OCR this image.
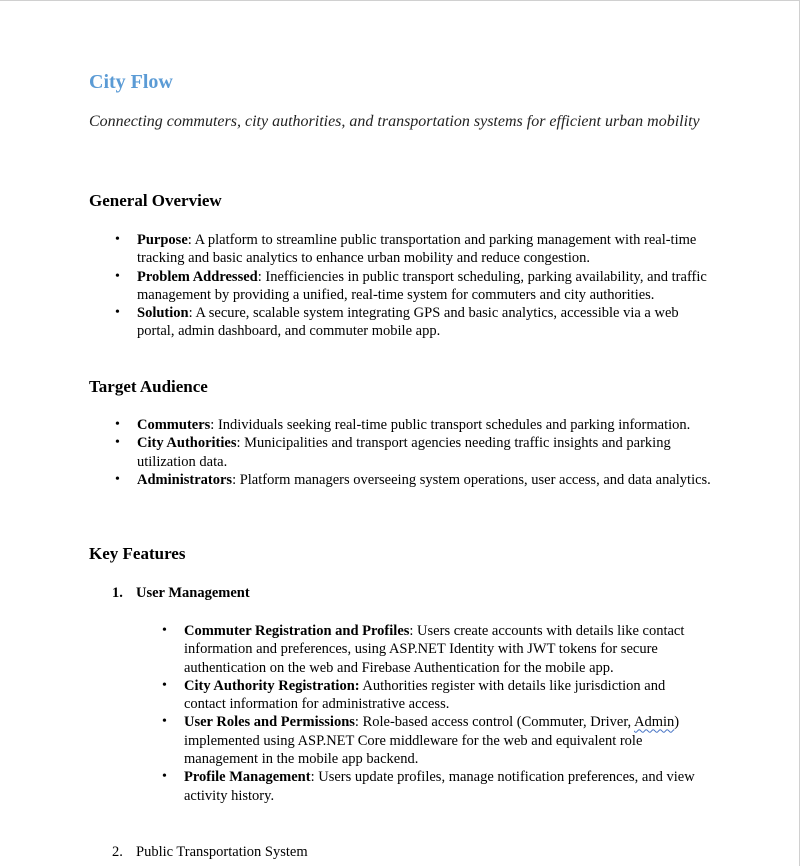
City Flow
Connecting commuters, city authorities, and transportation systems for efficient urban mobility
General Overview
• Purpose: A platform to streamline public transportation and parking management with real-time tracking and basic analytics to enhance urban mobility and reduce congestion.
• Problem Addressed: Inefficiencies in public transport scheduling, parking availability, and traffic management by providing a unified, real-time system for commuters and city authorities.
• Solution: A secure, scalable system integrating GPS and basic analytics, accessible via a web portal, admin dashboard, and commuter mobile app.
Target Audience
• Commuters: Individuals seeking real-time public transport schedules and parking information.
• City Authorities: Municipalities and transport agencies needing traffic insights and parking utilization data.
• Administrators: Platform managers overseeing system operations, user access, and data analytics.
Key Features
1. User Management
• Commuter Registration and Profiles: Users create accounts with details like contact information and preferences, using ASP.NET Identity with JWT tokens for secure authentication on the web and Firebase Authentication for the mobile app.
• City Authority Registration: Authorities register with details like jurisdiction and contact information for administrative access.
• User Roles and Permissions: Role-based access control (Commuter, Driver, Admin) implemented using ASP.NET Core middleware for the web and equivalent role management in the mobile app backend.
• Profile Management: Users update profiles, manage notification preferences, and view activity history.
2. Public Transportation System
